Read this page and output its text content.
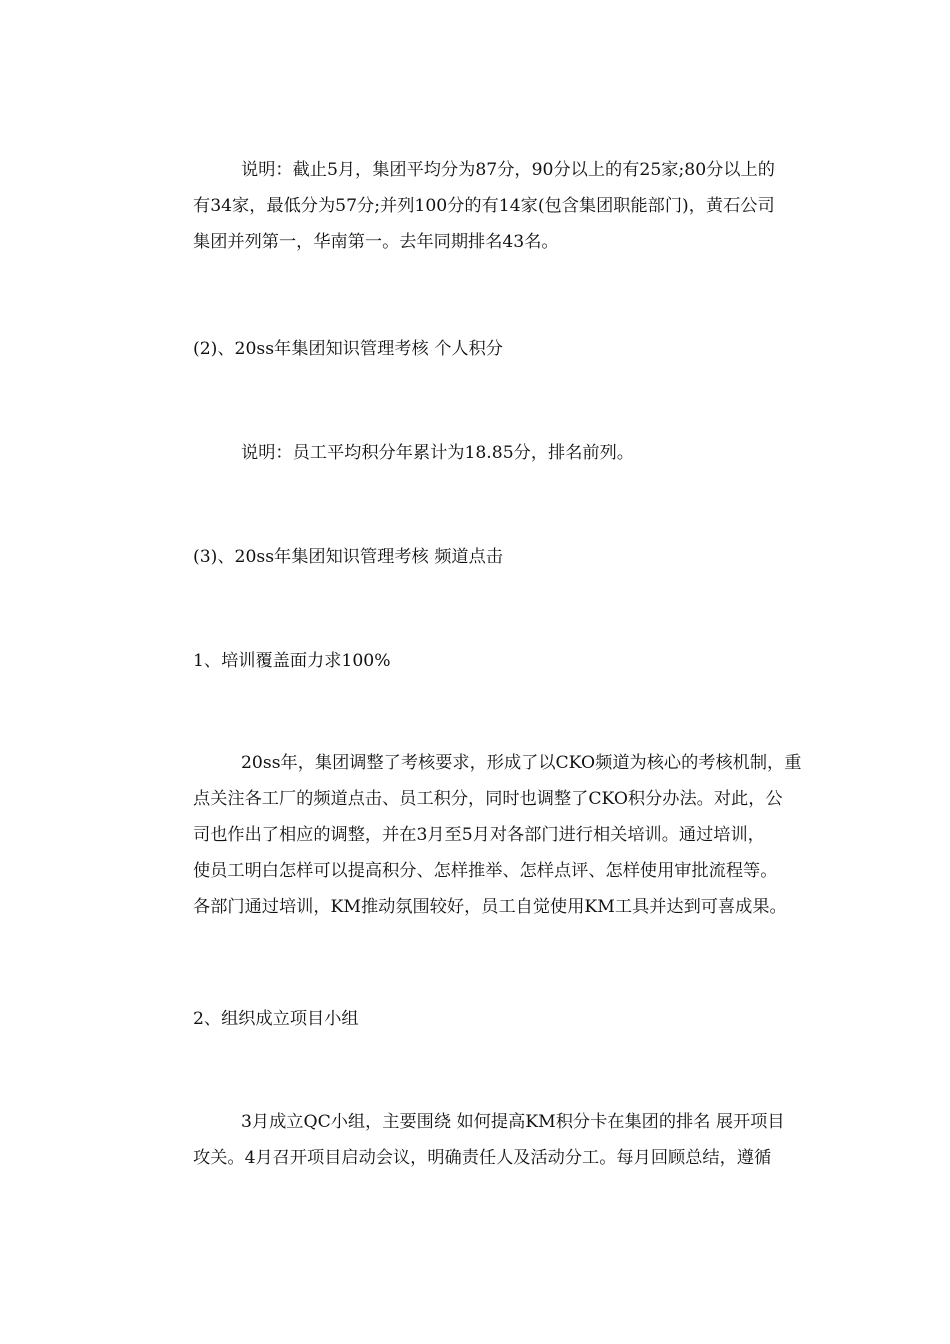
说明：截止5月，集团平均分为87分，90分以上的有25家;80分以上的
有34家，最低分为57分;并列100分的有14家(包含集团职能部门)，黄石公司
集团并列第一，华南第一。去年同期排名43名。
(2)、20ss年集团知识管理考核 个人积分
说明：员工平均积分年累计为18.85分，排名前列。
(3)、20ss年集团知识管理考核 频道点击
1、培训覆盖面力求100%
20ss年，集团调整了考核要求，形成了以CKO频道为核心的考核机制，重
点关注各工厂的频道点击、员工积分，同时也调整了CKO积分办法。对此，公
司也作出了相应的调整，并在3月至5月对各部门进行相关培训。通过培训，
使员工明白怎样可以提高积分、怎样推举、怎样点评、怎样使用审批流程等。
各部门通过培训，KM推动氛围较好，员工自觉使用KM工具并达到可喜成果。
2、组织成立项目小组
3月成立QC小组，主要围绕 如何提高KM积分卡在集团的排名 展开项目
攻关。4月召开项目启动会议，明确责任人及活动分工。每月回顾总结，遵循
